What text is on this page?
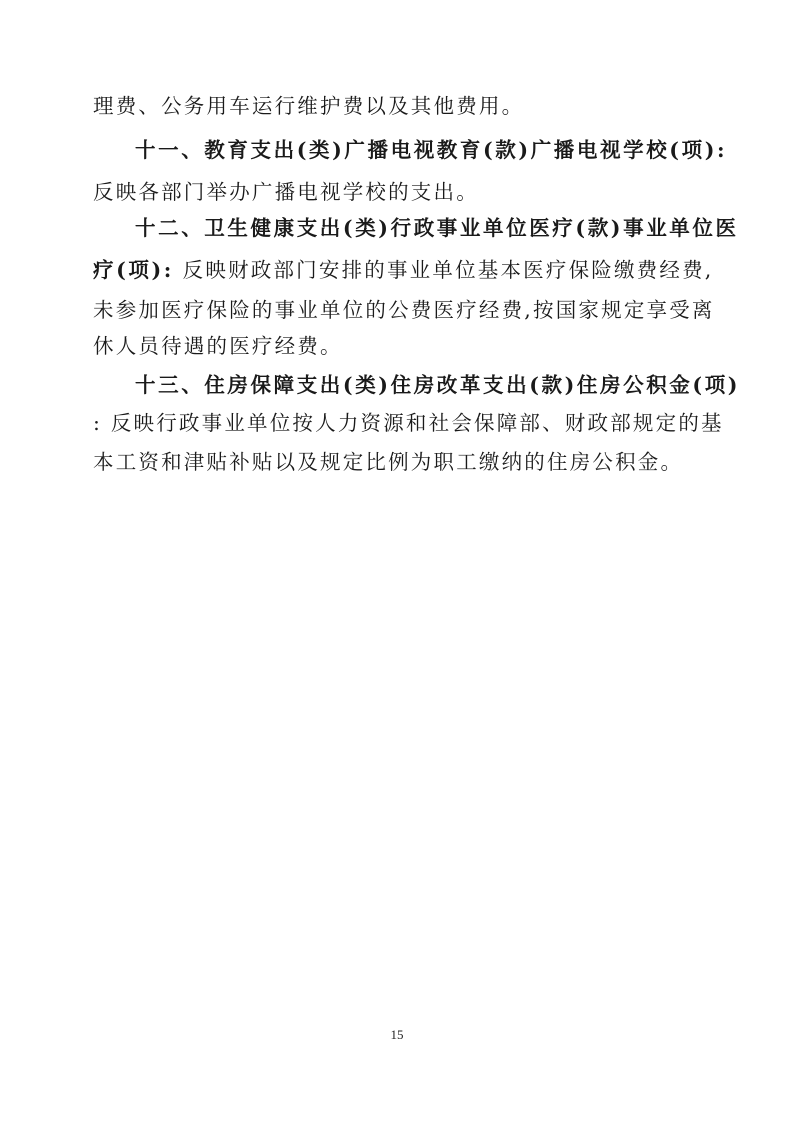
理费、公务用车运行维护费以及其他费用。
十一、教育支出(类)广播电视教育(款)广播电视学校(项):
反映各部门举办广播电视学校的支出。
十二、卫生健康支出(类)行政事业单位医疗(款)事业单位医
疗(项): 反映财政部门安排的事业单位基本医疗保险缴费经费,
未参加医疗保险的事业单位的公费医疗经费,按国家规定享受离
休人员待遇的医疗经费。
十三、住房保障支出(类)住房改革支出(款)住房公积金(项)
: 反映行政事业单位按人力资源和社会保障部、财政部规定的基
本工资和津贴补贴以及规定比例为职工缴纳的住房公积金。
15
